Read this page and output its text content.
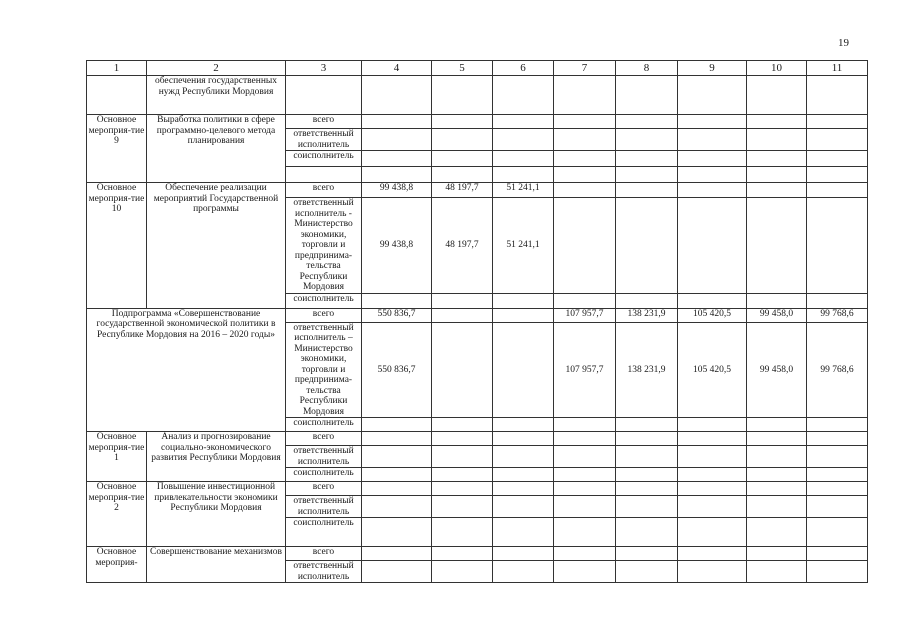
19
1	2	3	4	5	6	7	8	9	10	11
	обеспечения государственных нужд Республики Мордовия									
Основное мероприя-тие 9	Выработка политики в сфере программно-целевого метода планирования	всего								
		ответственный исполнитель								
		соисполнитель								

Основное мероприя-тие 10	Обеспечение реализации мероприятий Государственной программы	всего	99 438,8	48 197,7	51 241,1					
		ответственный исполнитель - Министерство экономики, торговли и предпринима-тельства Республики Мордовия	99 438,8	48 197,7	51 241,1					
		соисполнитель								
Подпрограмма «Совершенствование государственной экономической политики в Республике Мордовия на 2016 – 2020 годы»		всего	550 836,7			107 957,7	138 231,9	105 420,5	99 458,0	99 768,6
		ответственный исполнитель – Министерство экономики, торговли и предпринима-тельства Республики Мордовия	550 836,7			107 957,7	138 231,9	105 420,5	99 458,0	99 768,6
		соисполнитель								
Основное мероприя-тие 1	Анализ и прогнозирование социально-экономического развития Республики Мордовия	всего								
		ответственный исполнитель								
		соисполнитель								
Основное мероприя-тие 2	Повышение инвестиционной привлекательности экономики Республики Мордовия	всего								
		ответственный исполнитель								
		соисполнитель								
Основное мероприя-	Совершенствование механизмов	всего								
		ответственный исполнитель								
